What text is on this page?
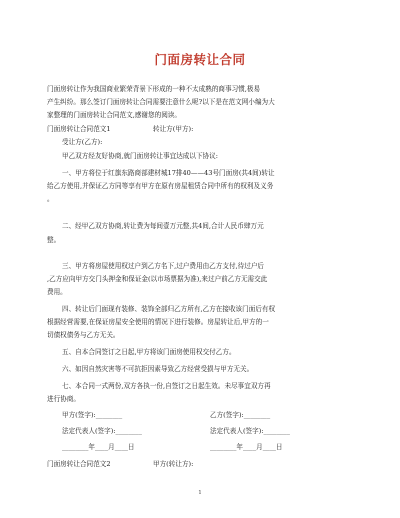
门面房转让合同
门面房转让作为我国商业繁荣背景下形成的一种不太成熟的商事习惯,极易
产生纠纷。那么签订门面房转让合同需要注意什么呢?以下是在范文网小编为大
家整理的门面房转让合同范文,感谢您的阅读。
门面房转让合同范文1	转让方(甲方):
受让方(乙方):
甲乙双方经友好协商,就门面房转让事宜达成以下协议:
一、甲方将位于红旗东路商部建材城17排40——43号门面房(共4间)转让
给乙方使用,并保证乙方同等享有甲方在原有房屋租赁合同中所有的权利及义务
。
二、经甲乙双方协商,转让费为每间壹万元整,共4间,合计人民币肆万元
整。
三、甲方将房屋使用权过户到乙方名下,过户费用由乙方支付,待过户后
,乙方应向甲方交门头押金和保证金(以市场票据为准),来过户前乙方无需交此
费用。
四、转让后门面现有装修、装饰全部归乙方所有,乙方在接收该门面后有权
根据经营需要,在保证房屋安全使用的情况下进行装修。房屋转让后,甲方的一
切债权债务与乙方无关。
五、自本合同签订之日起,甲方将该门面房使用权交付乙方。
六、如因自然灾害等不可抗拒因素导致乙方经营受损与甲方无关。
七、本合同一式两份,双方各执一份,自签订之日起生效。未尽事宜双方再
进行协商。
甲方(签字):________	乙方(签字):________
法定代表人(签字):________	法定代表人(签字):________
________年____月____日	________年____月____日
门面房转让合同范文2	甲方(转让方):
1
